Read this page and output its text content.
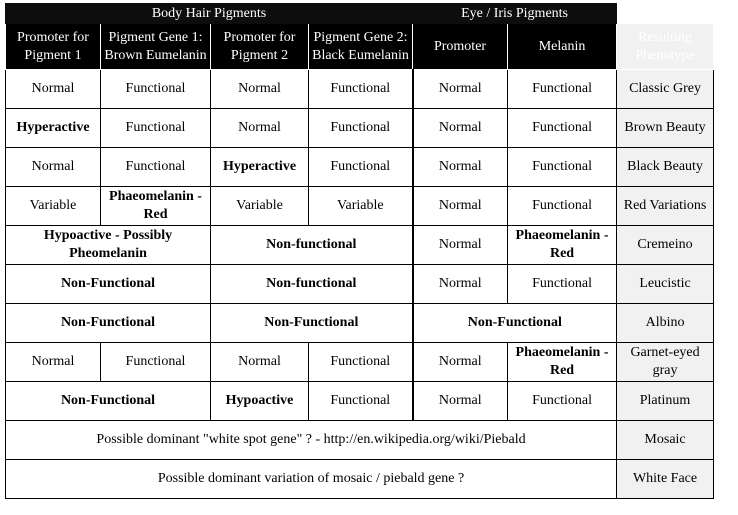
Body Hair Pigments				Eye / Iris Pigments		

Promoter for Pigment 1	Pigment Gene 1: Brown Eumelanin	Promoter for Pigment 2	Pigment Gene 2: Black Eumelanin	Promoter	Melanin	Resulting Phenotype
Normal	Functional	Normal	Functional	Normal	Functional	Classic Grey
Hyperactive	Functional	Normal	Functional	Normal	Functional	Brown Beauty
Normal	Functional	Hyperactive	Functional	Normal	Functional	Black Beauty
Variable	Phaeomelanin - Red	Variable	Variable	Normal	Functional	Red Variations
Hypoactive - Possibly Pheomelanin		Non-functional		Normal	Phaeomelanin - Red	Cremeino
Non-Functional		Non-functional		Normal	Functional	Leucistic
Non-Functional		Non-Functional		Non-Functional		Albino
Normal	Functional	Normal	Functional	Normal	Phaeomelanin - Red	Garnet-eyed gray
Non-Functional		Hypoactive	Functional	Normal	Functional	Platinum
Possible dominant "white spot gene" ? - http://en.wikipedia.org/wiki/Piebald						Mosaic
Possible dominant variation of mosaic / piebald gene ?						White Face
